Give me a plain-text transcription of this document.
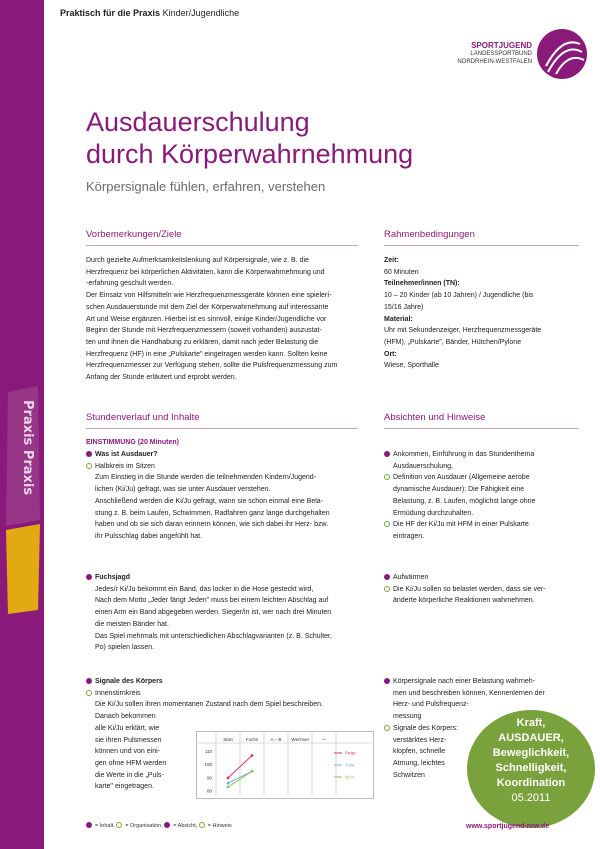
Praxis Praxis
Praktisch für die Praxis Kinder/Jugendliche
SPORTJUGEND
LANDESSPORTBUND
NORDRHEIN-WESTFALEN
Ausdauerschulung
durch Körperwahrnehmung
Körpersignale fühlen, erfahren, verstehen
Vorbemerkungen/Ziele
Durch gezielte Aufmerksamkeitslenkung auf Körpersignale, wie z. B. die
Herzfrequenz bei körperlichen Aktivitäten, kann die Körperwahrnehmung und
-erfahrung geschult werden.
Der Einsatz von Hilfsmitteln wie Herzfrequenzmessgeräte können eine spielerí-
schen Ausdauerstunde mit dem Ziel der Körperwahrnehmung auf interessante
Art und Weise ergänzen. Hierbei ist es sinnvoll, einige Kinder/Jugendliche vor
Beginn der Stunde mit Herzfrequenzmessern (soweit vorhanden) auszustat-
ten und ihnen die Handhabung zu erklären, damit nach jeder Belastung die
Herzfrequenz (HF) in eine „Pulskarte" eingetragen werden kann. Sollten keine
Herzfrequenzmesser zur Verfügung stehen, sollte die Pulsfrequenzmessung zum
Anfang der Stunde erläutert und erprobt werden.
Rahmenbedingungen
Zeit:
60 Minuten
Teilnehmer/innen (TN):
10 – 20 Kinder (ab 10 Jahren) / Jugendliche (bis
15/16 Jahre)
Material:
Uhr mit Sekundenzeiger, Herzfrequenzmessgeräte
(HFM), „Pulskarte", Bänder, Hütchen/Pylone
Ort:
Wiese, Sporthalle
Stundenverlauf und Inhalte
EINSTIMMUNG (20 Minuten)
Was ist Ausdauer?
Halbkreis im Sitzen
Zum Einstieg in die Stunde werden die teilnehmenden Kindern/Jugend-
lichen (Ki/Ju) gefragt, was sie unter Ausdauer verstehen.
Anschließend werden die Ki/Ju gefragt, wann sie schon einmal eine Bela-
stung z. B. beim Laufen, Schwimmen, Radfahren ganz lange durchgehalten
haben und ob sie sich daran erinnern können, wie sich dabei ihr Herz- bzw.
ihr Pulsschlag dabei angefühlt hat.
Fuchsjagd
Jedes/r Ki/Ju bekommt ein Band, das locker in die Hose gesteckt wird,
Nach dem Motto „Jeder fängt Jeden" muss bei einem leichten Abschlag auf
einen Arm ein Band abgegeben werden. Sieger/in ist, wer nach drei Minuten
die meisten Bänder hat.
Das Spiel mehrmals mit unterschiedlichen Abschlagvarianten (z. B. Schulter,
Po) spielen lassen.
Signale des Körpers
Innenstirnkreis
Die Ki/Ju sollen ihren momentanen Zustand nach dem Spiel beschreiben.
Danach bekommen
alle Ki/Ju erklärt, wie
sie ihren Pulsmessen
können und von eini-
gen ohne HFM werden
die Werte in die „Puls-
karte" eingetragen.
Start	Fuchs	A – B Wechsel	—
110
100
90
80
Peter
Julia
Nico
Absichten und Hinweise
Ankommen, Einführung in das Stundenthema
Ausdauerschulung,
Definition von Ausdauer (Allgemeine aerobe
dynamische Ausdauer): Die Fähigkeit eine
Belastung, z. B. Laufen, möglichst lange ohne
Ermüdung durchzuhalten.
Die HF der Ki/Ju mit HFM in einer Pulskarte
eintragen.
Aufwärmen
Die Ki/Ju sollen so belastet werden, dass sie ver-
änderte körperliche Reaktionen wahrnehmen.
Körpersignale nach einer Belastung wahrneh-
men und beschreiben können, Kennenlernen der
Herz- und Pulsfrequenz-
messung
Signale des Körpers:
verstärktes Herz-
klopfen, schnelle
Atmung, leichtes
Schwitzen
Kraft,
AUSDAUER,
Beweglichkeit,
Schnelligkeit,
Koordination
05.2011
= Inhalt, = Organisation, = Absicht, = Hinweis	www.sportjugend-nrw.de
